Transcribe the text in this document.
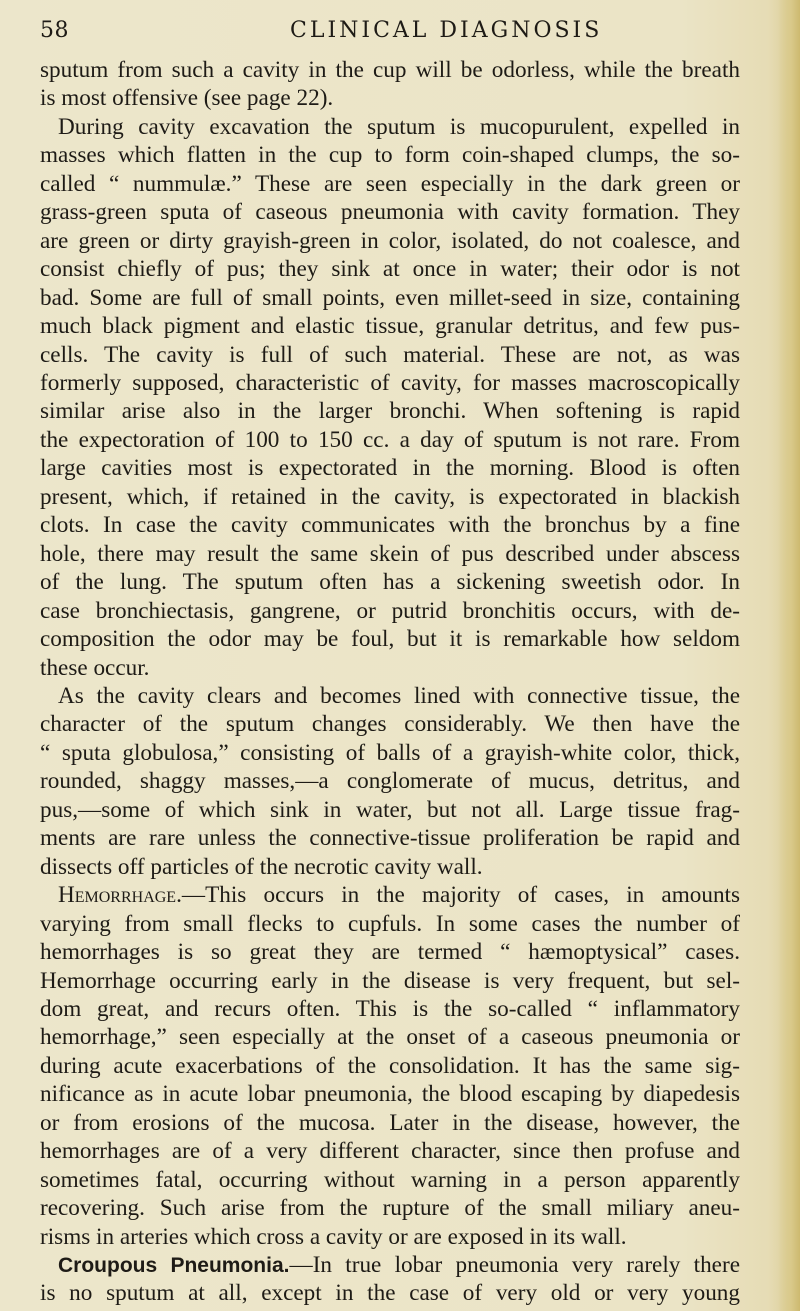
58	CLINICAL DIAGNOSIS
sputum from such a cavity in the cup will be odorless, while the breath
is most offensive (see page 22).
During cavity excavation the sputum is mucopurulent, expelled in
masses which flatten in the cup to form coin-shaped clumps, the so-
called “ nummulæ.” These are seen especially in the dark green or
grass-green sputa of caseous pneumonia with cavity formation. They
are green or dirty grayish-green in color, isolated, do not coalesce, and
consist chiefly of pus; they sink at once in water; their odor is not
bad. Some are full of small points, even millet-seed in size, containing
much black pigment and elastic tissue, granular detritus, and few pus-
cells. The cavity is full of such material. These are not, as was
formerly supposed, characteristic of cavity, for masses macroscopically
similar arise also in the larger bronchi. When softening is rapid
the expectoration of 100 to 150 cc. a day of sputum is not rare. From
large cavities most is expectorated in the morning. Blood is often
present, which, if retained in the cavity, is expectorated in blackish
clots. In case the cavity communicates with the bronchus by a fine
hole, there may result the same skein of pus described under abscess
of the lung. The sputum often has a sickening sweetish odor. In
case bronchiectasis, gangrene, or putrid bronchitis occurs, with de-
composition the odor may be foul, but it is remarkable how seldom
these occur.
As the cavity clears and becomes lined with connective tissue, the
character of the sputum changes considerably. We then have the
“ sputa globulosa,” consisting of balls of a grayish-white color, thick,
rounded, shaggy masses,—a conglomerate of mucus, detritus, and
pus,—some of which sink in water, but not all. Large tissue frag-
ments are rare unless the connective-tissue proliferation be rapid and
dissects off particles of the necrotic cavity wall.
Hemorrhage.—This occurs in the majority of cases, in amounts
varying from small flecks to cupfuls. In some cases the number of
hemorrhages is so great they are termed “ hæmoptysical” cases.
Hemorrhage occurring early in the disease is very frequent, but sel-
dom great, and recurs often. This is the so-called “ inflammatory
hemorrhage,” seen especially at the onset of a caseous pneumonia or
during acute exacerbations of the consolidation. It has the same sig-
nificance as in acute lobar pneumonia, the blood escaping by diapedesis
or from erosions of the mucosa. Later in the disease, however, the
hemorrhages are of a very different character, since then profuse and
sometimes fatal, occurring without warning in a person apparently
recovering. Such arise from the rupture of the small miliary aneu-
risms in arteries which cross a cavity or are exposed in its wall.
Croupous Pneumonia.—In true lobar pneumonia very rarely there
is no sputum at all, except in the case of very old or very young
